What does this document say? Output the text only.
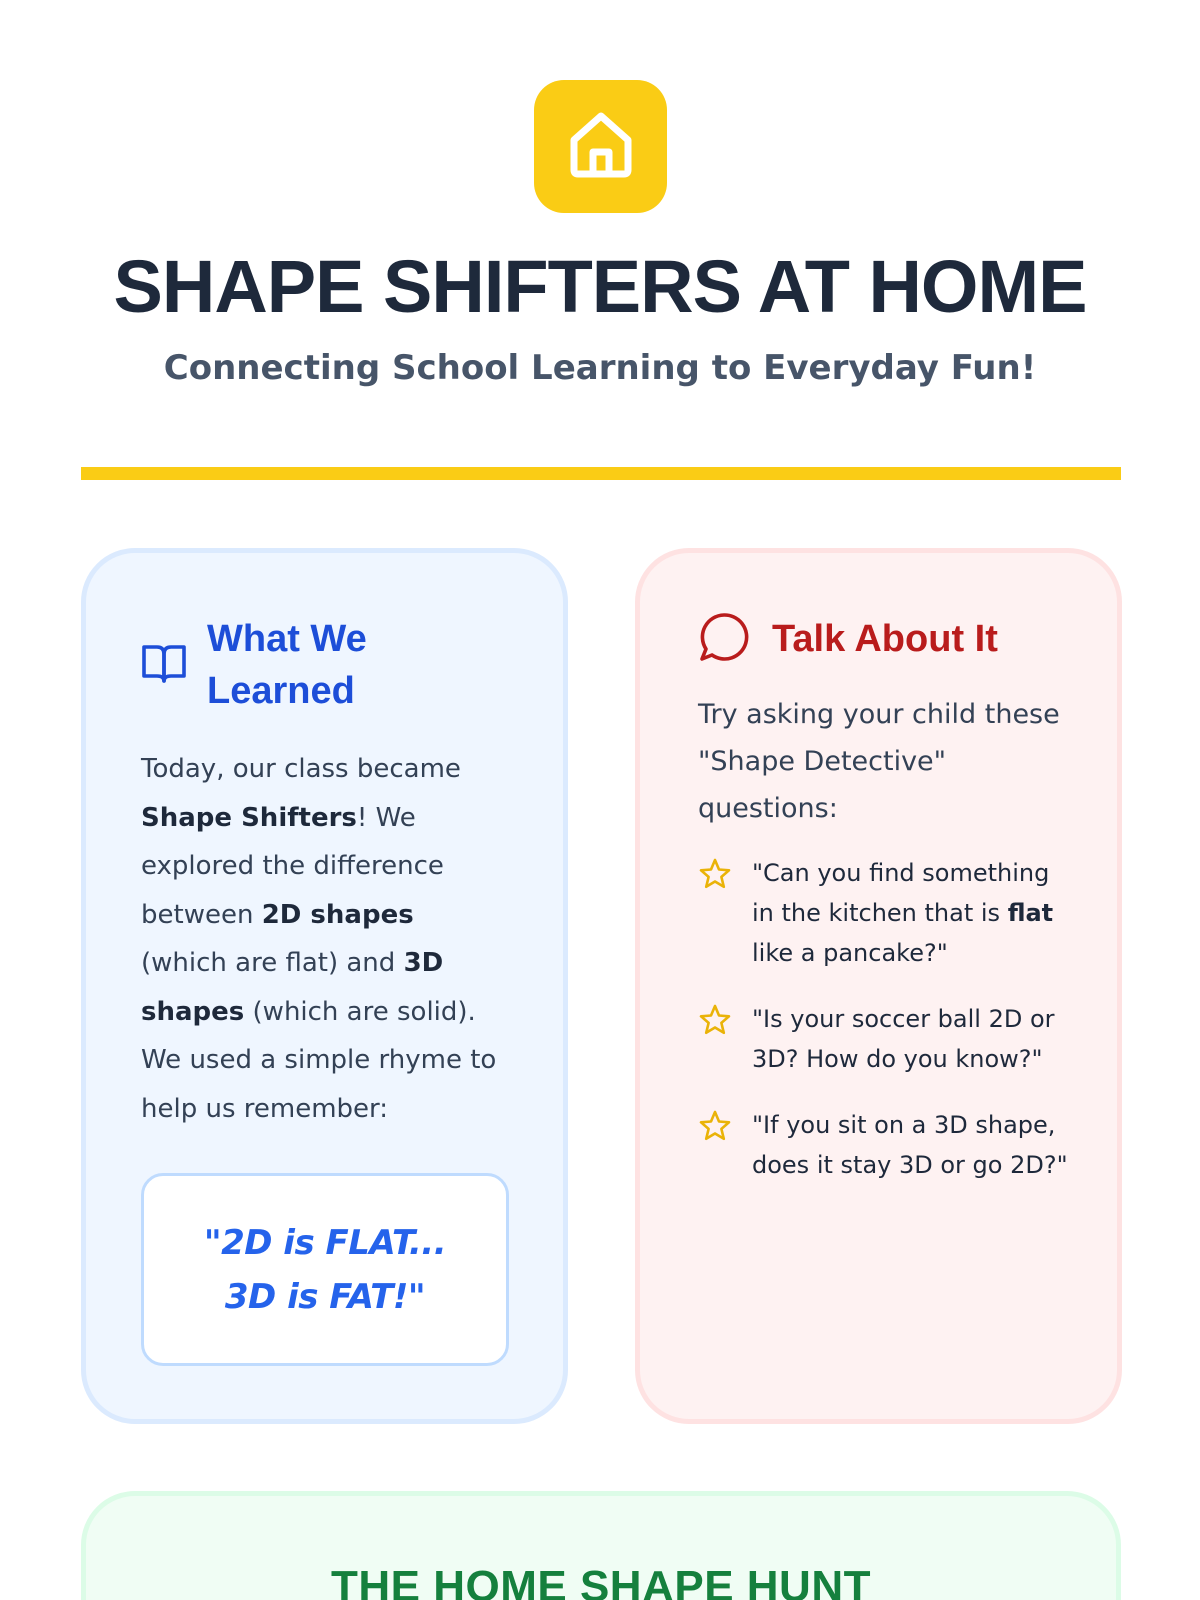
SHAPE SHIFTERS AT HOME
Connecting School Learning to Everyday Fun!
What We Learned
Today, our class became Shape Shifters! We explored the difference between 2D shapes (which are flat) and 3D shapes (which are solid). We used a simple rhyme to help us remember:
"2D is FLAT...
3D is FAT!"
Talk About It
Try asking your child these "Shape Detective" questions:
"Can you find something in the kitchen that is flat like a pancake?"
"Is your soccer ball 2D or 3D? How do you know?"
"If you sit on a 3D shape, does it stay 3D or go 2D?"
THE HOME SHAPE HUNT
